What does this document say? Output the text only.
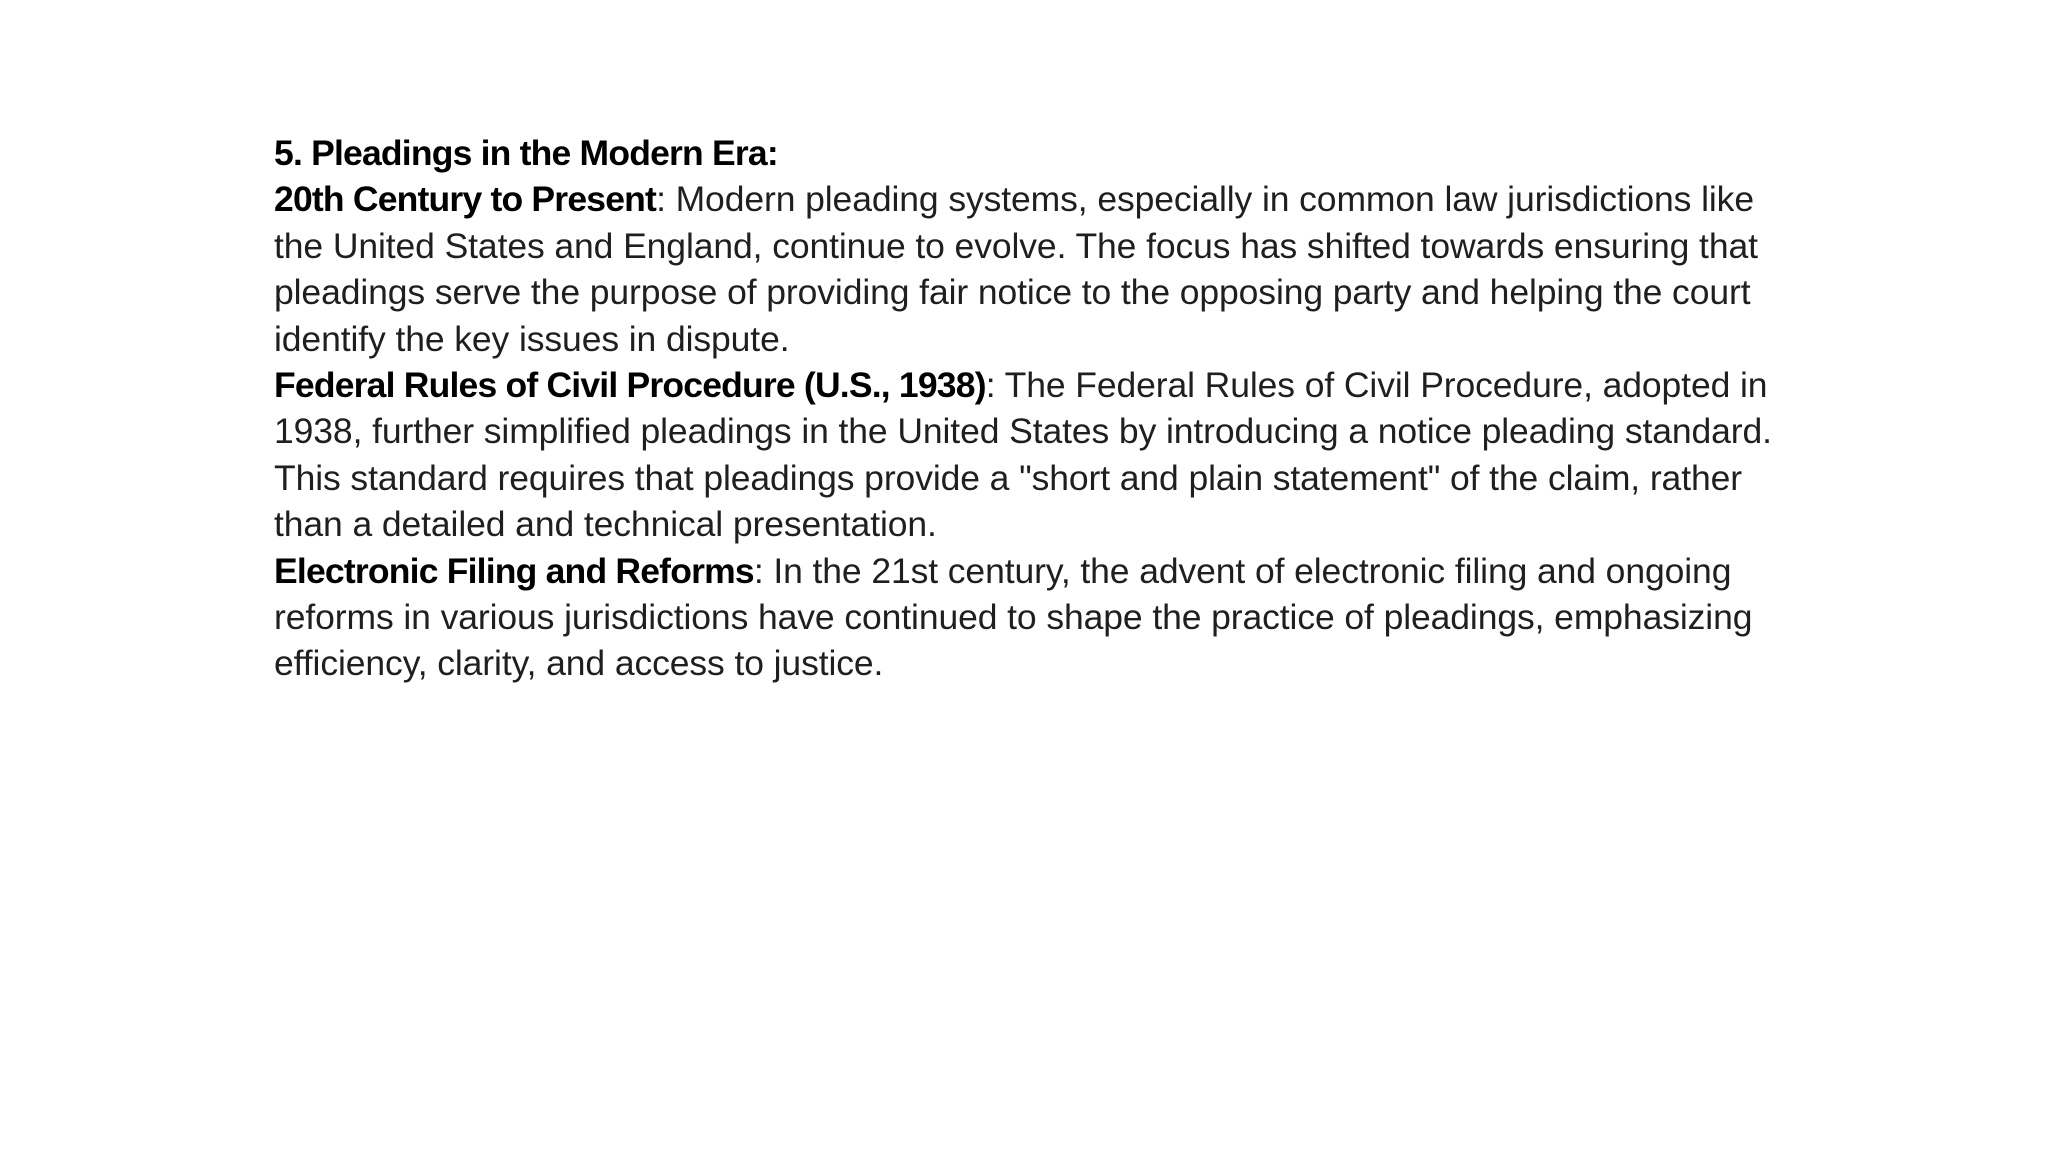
5. Pleadings in the Modern Era:

20th Century to Present: Modern pleading systems, especially in common law jurisdictions like the United States and England, continue to evolve. The focus has shifted towards ensuring that pleadings serve the purpose of providing fair notice to the opposing party and helping the court identify the key issues in dispute.

Federal Rules of Civil Procedure (U.S., 1938): The Federal Rules of Civil Procedure, adopted in 1938, further simplified pleadings in the United States by introducing a notice pleading standard. This standard requires that pleadings provide a "short and plain statement" of the claim, rather than a detailed and technical presentation.

Electronic Filing and Reforms: In the 21st century, the advent of electronic filing and ongoing reforms in various jurisdictions have continued to shape the practice of pleadings, emphasizing efficiency, clarity, and access to justice.
